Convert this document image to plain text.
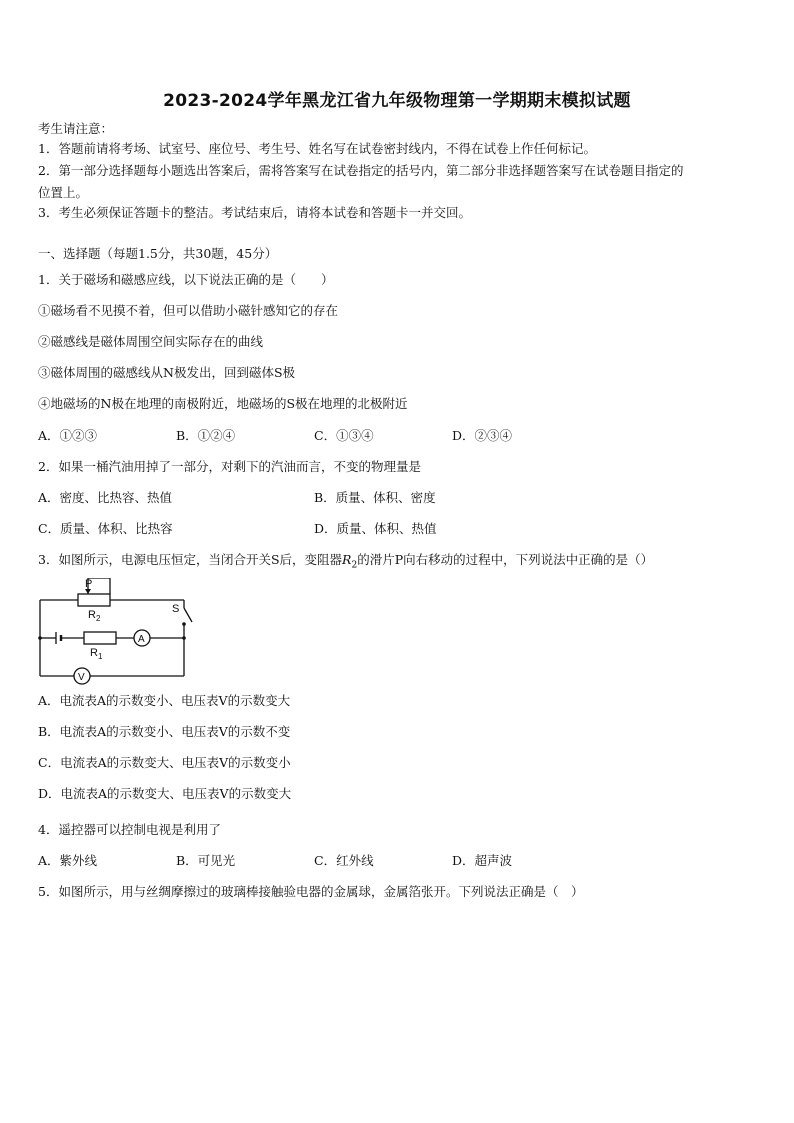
2023-2024学年黑龙江省九年级物理第一学期期末模拟试题
考生请注意：
1．答题前请将考场、试室号、座位号、考生号、姓名写在试卷密封线内，不得在试卷上作任何标记。
2．第一部分选择题每小题选出答案后，需将答案写在试卷指定的括号内，第二部分非选择题答案写在试卷题目指定的
位置上。
3．考生必须保证答题卡的整洁。考试结束后，请将本试卷和答题卡一并交回。
一、选择题（每题1.5分，共30题，45分）
1．关于磁场和磁感应线，以下说法正确的是（　　）
①磁场看不见摸不着，但可以借助小磁针感知它的存在
②磁感线是磁体周围空间实际存在的曲线
③磁体周围的磁感线从N极发出，回到磁体S极
④地磁场的N极在地理的南极附近，地磁场的S极在地理的北极附近
A．①②③	B．①②④	C．①③④	D．②③④
2．如果一桶汽油用掉了一部分，对剩下的汽油而言，不变的物理量是
A．密度、比热容、热值	B．质量、体积、密度
C．质量、体积、比热容	D．质量、体积、热值
3．如图所示，电源电压恒定，当闭合开关S后，变阻器$R_2$的滑片P向右移动的过程中，下列说法中正确的是（）
P
R 2
R 1
S
A
V
A．电流表A的示数变小、电压表V的示数变大
B．电流表A的示数变小、电压表V的示数不变
C．电流表A的示数变大、电压表V的示数变小
D．电流表A的示数变大、电压表V的示数变大
4．遥控器可以控制电视是利用了
A．紫外线	B．可见光	C．红外线	D．超声波
5．如图所示，用与丝绸摩擦过的玻璃棒接触验电器的金属球，金属箔张开。下列说法正确是（　）
